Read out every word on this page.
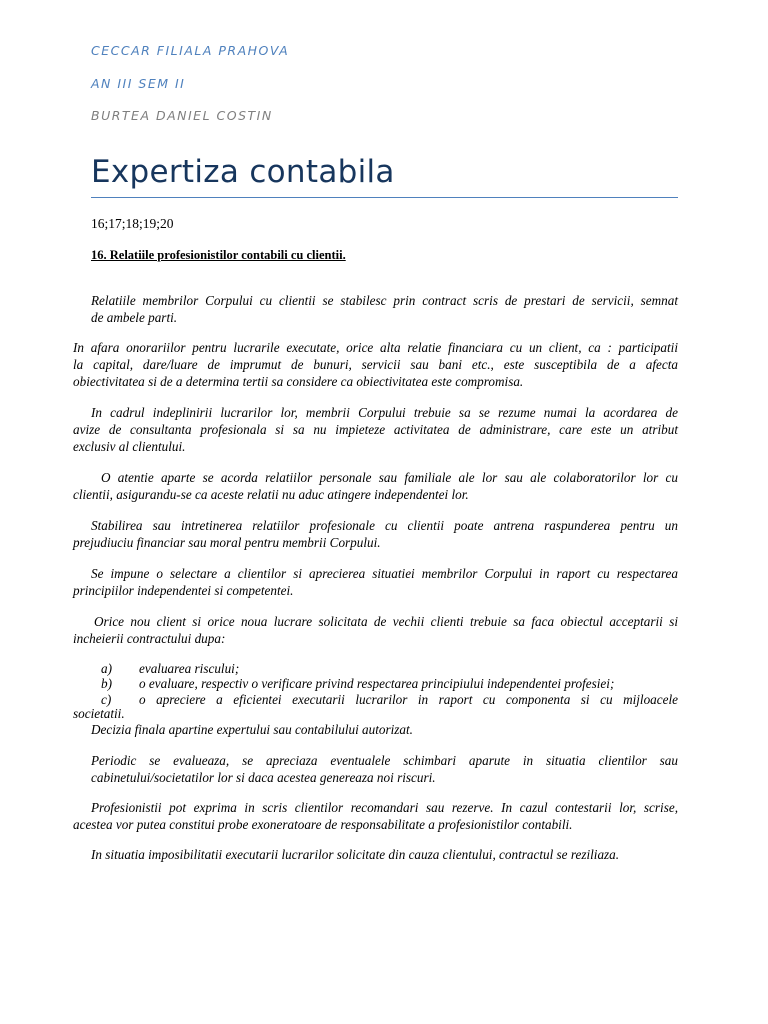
CECCAR FILIALA PRAHOVA
AN III SEM II
BURTEA DANIEL COSTIN
Expertiza contabila
16;17;18;19;20
16. Relatiile profesionistilor contabili cu clientii.

Relatiile membrilor Corpului cu clientii se stabilesc prin contract scris de prestari de servicii, semnat
de ambele parti.

In afara onorariilor pentru lucrarile executate, orice alta relatie financiara cu un client, ca : participatii
la capital, dare/luare de imprumut de bunuri, servicii sau bani etc., este susceptibila de a afecta
obiectivitatea si de a determina tertii sa considere ca obiectivitatea este compromisa.

In cadrul indeplinirii lucrarilor lor, membrii Corpului trebuie sa se rezume numai la acordarea de
avize de consultanta profesionala si sa nu impieteze activitatea de administrare, care este un atribut
exclusiv al clientului.

O atentie aparte se acorda relatiilor personale sau familiale ale lor sau ale colaboratorilor lor cu
clientii, asigurandu-se ca aceste relatii nu aduc atingere independentei lor.

Stabilirea sau intretinerea relatiilor profesionale cu clientii poate antrena raspunderea pentru un
prejudiuciu financiar sau moral pentru membrii Corpului.

Se impune o selectare a clientilor si aprecierea situatiei membrilor Corpului in raport cu respectarea
principiilor independentei si competentei.

Orice nou client si orice noua lucrare solicitata de vechii clienti trebuie sa faca obiectul acceptarii si
incheierii contractului dupa:

a)	evaluarea riscului;
b)	o evaluare, respectiv o verificare privind respectarea principiului independentei profesiei;
c)	o apreciere a eficientei executarii lucrarilor in raport cu componenta si cu mijloacele
societatii.

Decizia finala apartine expertului sau contabilului autorizat.

Periodic se evalueaza, se apreciaza eventualele schimbari aparute in situatia clientilor sau
cabinetului/societatilor lor si daca acestea genereaza noi riscuri.

Profesionistii pot exprima in scris clientilor recomandari sau rezerve. In cazul contestarii lor, scrise,
acestea vor putea constitui probe exoneratoare de responsabilitate a profesionistilor contabili.

In situatia imposibilitatii executarii lucrarilor solicitate din cauza clientului, contractul se reziliaza.
